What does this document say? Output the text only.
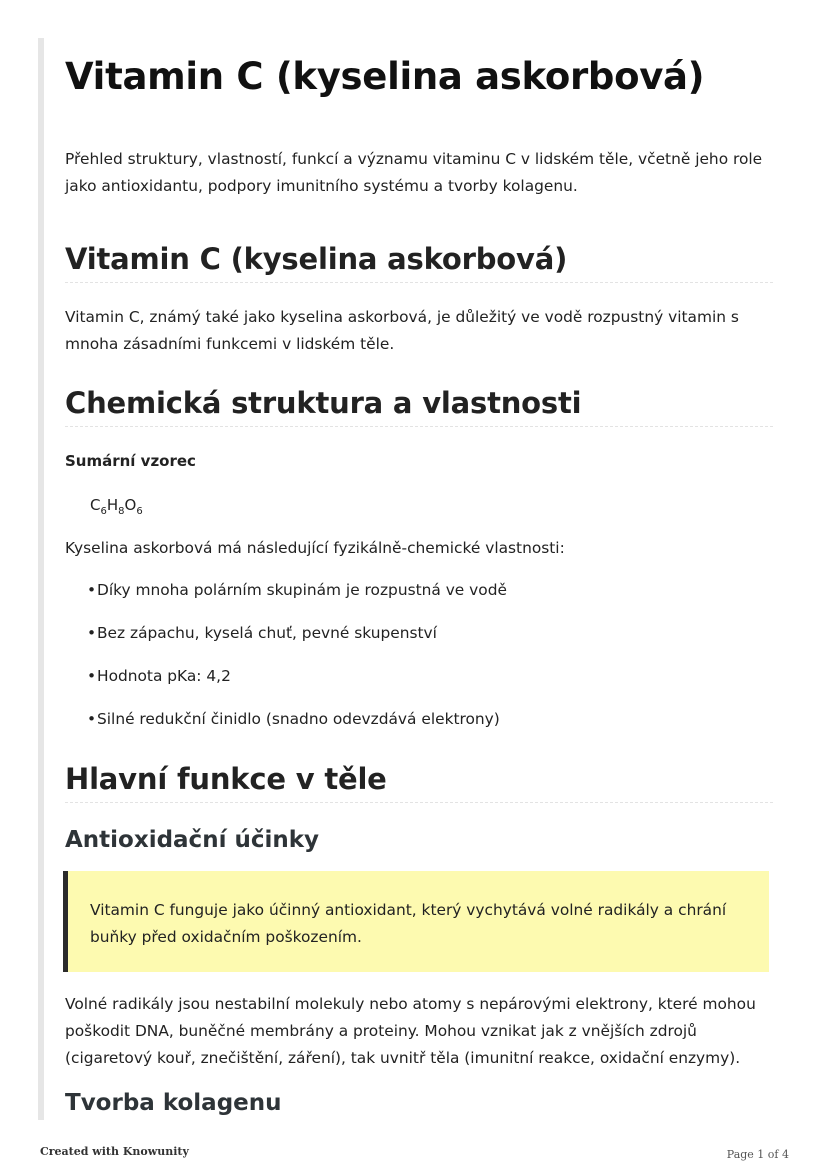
Vitamin C (kyselina askorbová)

Přehled struktury, vlastností, funkcí a významu vitaminu C v lidském těle, včetně jeho role jako antioxidantu, podpory imunitního systému a tvorby kolagenu.

Vitamin C (kyselina askorbová)

Vitamin C, známý také jako kyselina askorbová, je důležitý ve vodě rozpustný vitamin s mnoha zásadními funkcemi v lidském těle.

Chemická struktura a vlastnosti

Sumární vzorec

$C_6H_8O_6$

Kyselina askorbová má následující fyzikálně-chemické vlastnosti:

•Díky mnoha polárním skupinám je rozpustná ve vodě
•Bez zápachu, kyselá chuť, pevné skupenství
•Hodnota pKa: 4,2
•Silné redukční činidlo (snadno odevzdává elektrony)
Hlavní funkce v těle
Antioxidační účinky

Vitamin C funguje jako účinný antioxidant, který vychytává volné radikály a chrání buňky před oxidačním poškozením.

Volné radikály jsou nestabilní molekuly nebo atomy s nepárovými elektrony, které mohou poškodit DNA, buněčné membrány a proteiny. Mohou vznikat jak z vnějších zdrojů (cigaretový kouř, znečištění, záření), tak uvnitř těla (imunitní reakce, oxidační enzymy).

Tvorba kolagenu
Created with Knowunity	Page 1 of 4
